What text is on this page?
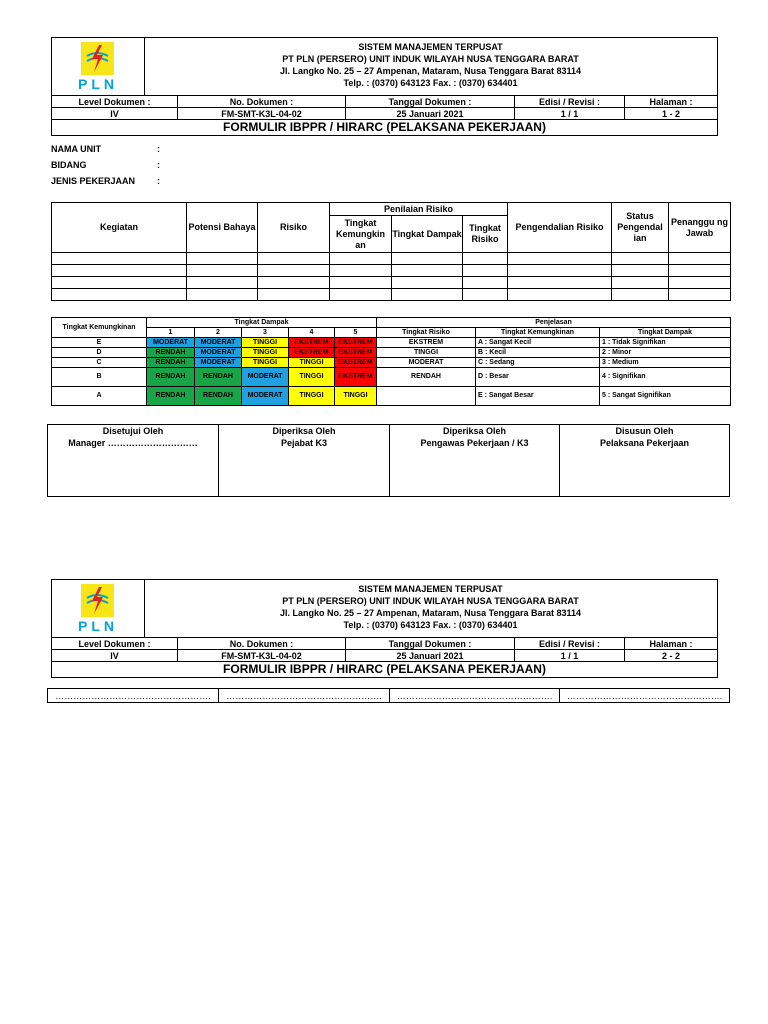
PLN
SISTEM MANAJEMEN TERPUSAT
PT PLN (PERSERO) UNIT INDUK WILAYAH NUSA TENGGARA BARAT
Jl. Langko No. 25 – 27 Ampenan, Mataram, Nusa Tenggara Barat 83114
Telp. : (0370) 643123 Fax. : (0370) 634401
Level Dokumen :	No. Dokumen :	Tanggal Dokumen :	Edisi / Revisi :	Halaman :
IV	FM-SMT-K3L-04-02	25 Januari 2021	1 / 1	1 - 2
FORMULIR IBPPR / HIRARC (PELAKSANA PEKERJAAN)
NAMA UNIT	:
BIDANG	:
JENIS PEKERJAAN :
Kegiatan	Potensi Bahaya	Risiko	Penilaian Risiko			Pengendalian Risiko	Status Pengendal ian	Penanggu ng Jawab
			Tingkat Kemungkin an	Tingkat Dampak	Tingkat Risiko			

Tingkat Kemungkinan	Tingkat Dampak					Penjelasan		
	1	2	3	4	5	Tingkat Risiko	Tingkat Kemungkinan	Tingkat Dampak
E	MODERAT	MODERAT	TINGGI	EKSTREM	EKSTREM	EKSTREM	A : Sangat Kecil	1 : Tidak Signifikan
D	RENDAH	MODERAT	TINGGI	EKSTREM	EKSTREM	TINGGI	B : Kecil	2 : Minor
C	RENDAH	MODERAT	TINGGI	TINGGI	EKSTREM	MODERAT	C : Sedang	3 : Medium
B	RENDAH	RENDAH	MODERAT	TINGGI	EKSTREM	RENDAH	D : Besar	4 : Signifikan
A	RENDAH	RENDAH	MODERAT	TINGGI	TINGGI		E : Sangat Besar	5 : Sangat Signifikan
Disetujui Oleh
Manager …………………………

Diperiksa Oleh
Pejabat K3

Diperiksa Oleh
Pengawas Pekerjaan / K3

Disusun Oleh
Pelaksana Pekerjaan
PLN
SISTEM MANAJEMEN TERPUSAT
PT PLN (PERSERO) UNIT INDUK WILAYAH NUSA TENGGARA BARAT
Jl. Langko No. 25 – 27 Ampenan, Mataram, Nusa Tenggara Barat 83114
Telp. : (0370) 643123 Fax. : (0370) 634401
Level Dokumen :	No. Dokumen :	Tanggal Dokumen :	Edisi / Revisi :	Halaman :
IV	FM-SMT-K3L-04-02	25 Januari 2021	1 / 1	2 - 2
FORMULIR IBPPR / HIRARC (PELAKSANA PEKERJAAN)
…………………………………………….	…………………………………………….	…………………………………………….	…………………………………………….
